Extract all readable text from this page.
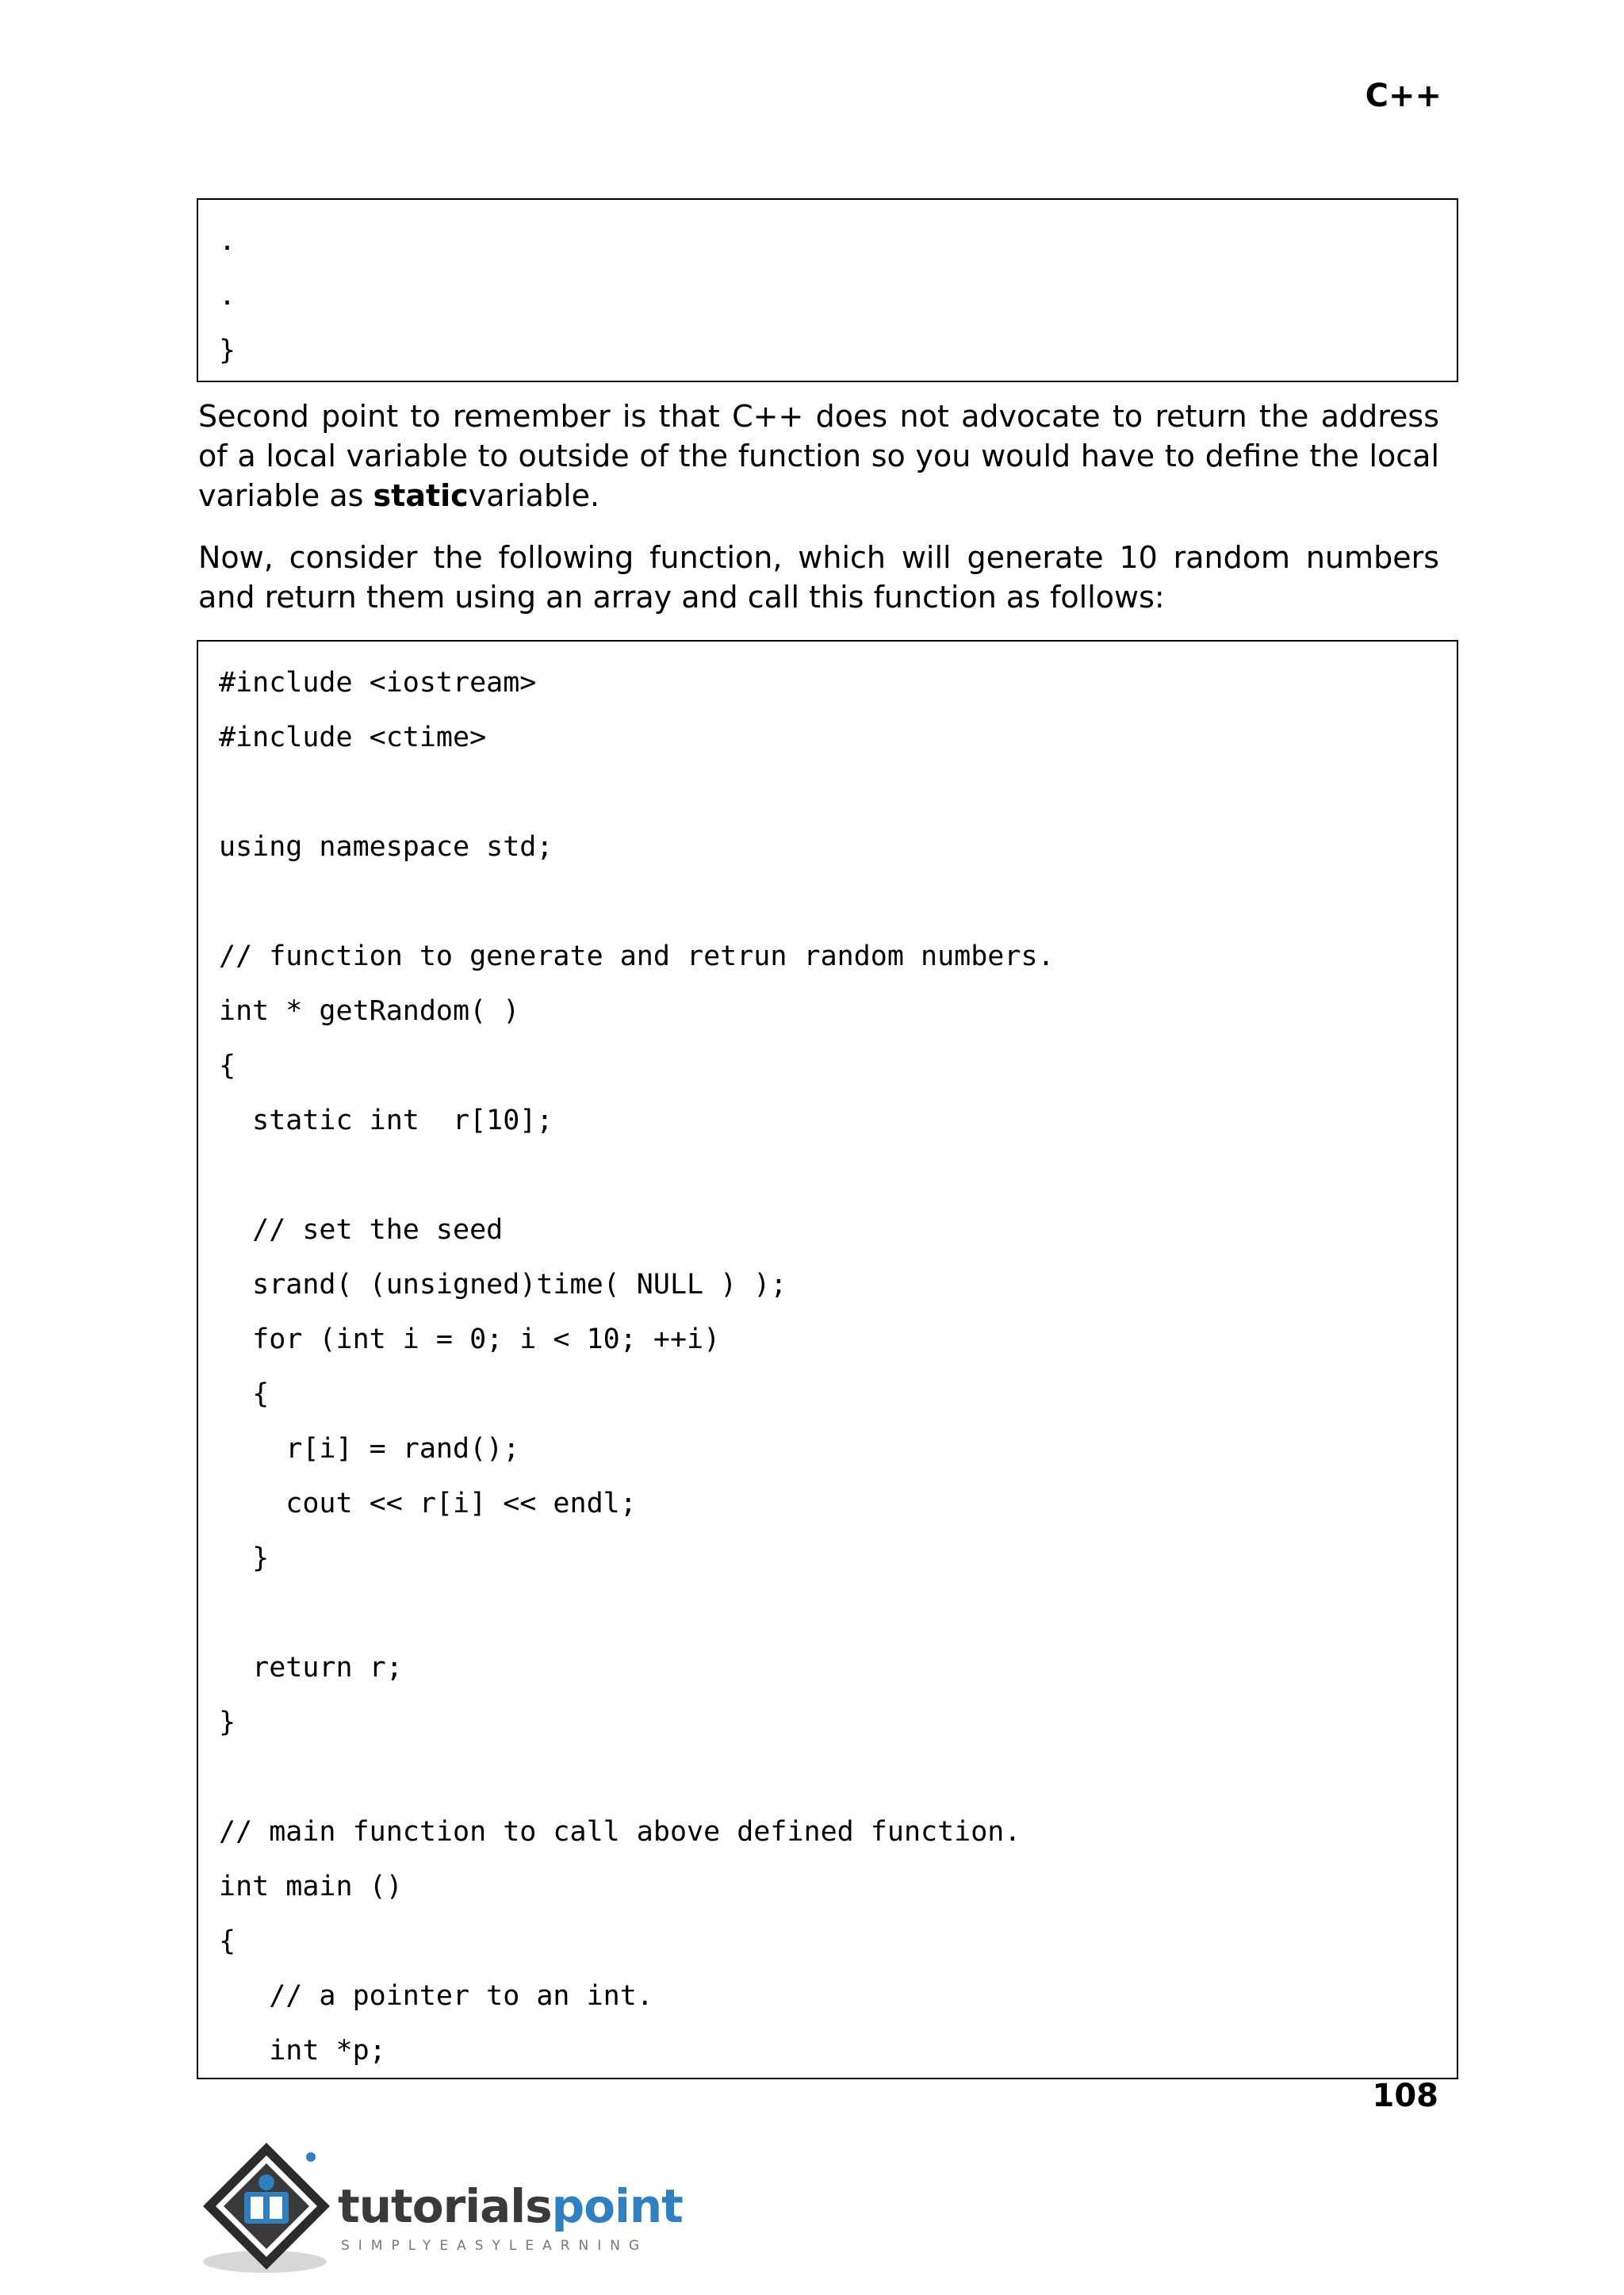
C++
.
.
}

Second point to remember is that C++ does not advocate to return the address of a local variable to outside of the function so you would have to define the local variable as staticvariable.

Now, consider the following function, which will generate 10 random numbers and return them using an array and call this function as follows:

#include <iostream>
#include <ctime>
using namespace std;
// function to generate and retrun random numbers.
int * getRandom( )
{
static int  r[10];
// set the seed
srand( (unsigned)time( NULL ) );
for (int i = 0; i < 10; ++i)
{
r[i] = rand();
cout << r[i] << endl;
}
return r;
}
// main function to call above defined function.
int main ()
{
// a pointer to an int.
int *p;
108
tutorialspoint
SIMPLYEASYLEARNING
